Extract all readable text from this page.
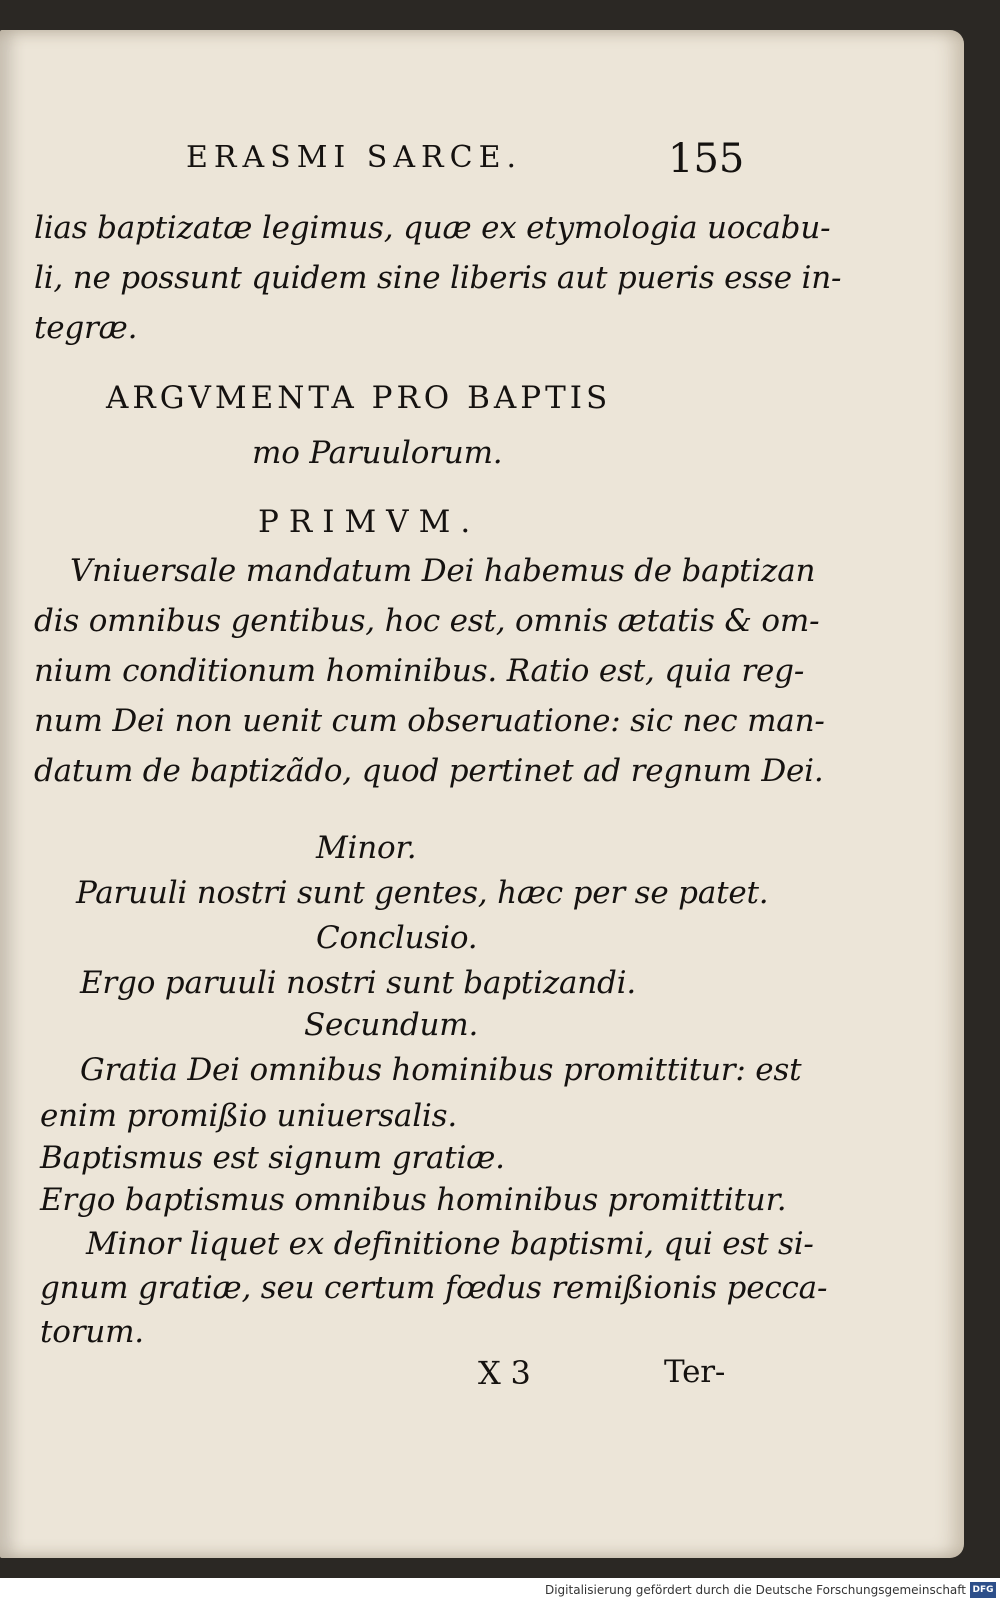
ERASMI SARCE.	155
lias baptizatæ legimus, quæ ex etymologia uocabu-
li, ne possunt quidem sine liberis aut pueris esse in-
tegræ.
ARGVMENTA PRO BAPTIS
mo Paruulorum.
PRIMVM.
Vniuersale mandatum Dei habemus de baptizan
dis omnibus gentibus, hoc est, omnis ætatis & om-
nium conditionum hominibus. Ratio est, quia reg-
num Dei non uenit cum obseruatione: sic nec man-
datum de baptizãdo, quod pertinet ad regnum Dei.
Minor.
Paruuli nostri sunt gentes, hæc per se patet.
Conclusio.
Ergo paruuli nostri sunt baptizandi.
Secundum.
Gratia Dei omnibus hominibus promittitur: est
enim promißio uniuersalis.
Baptismus est signum gratiæ.
Ergo baptismus omnibus hominibus promittitur.
Minor liquet ex definitione baptismi, qui est si-
gnum gratiæ, seu certum fœdus remißionis pecca-
torum.
X 3	Ter-
Digitalisierung gefördert durch die Deutsche Forschungsgemeinschaft DFG
